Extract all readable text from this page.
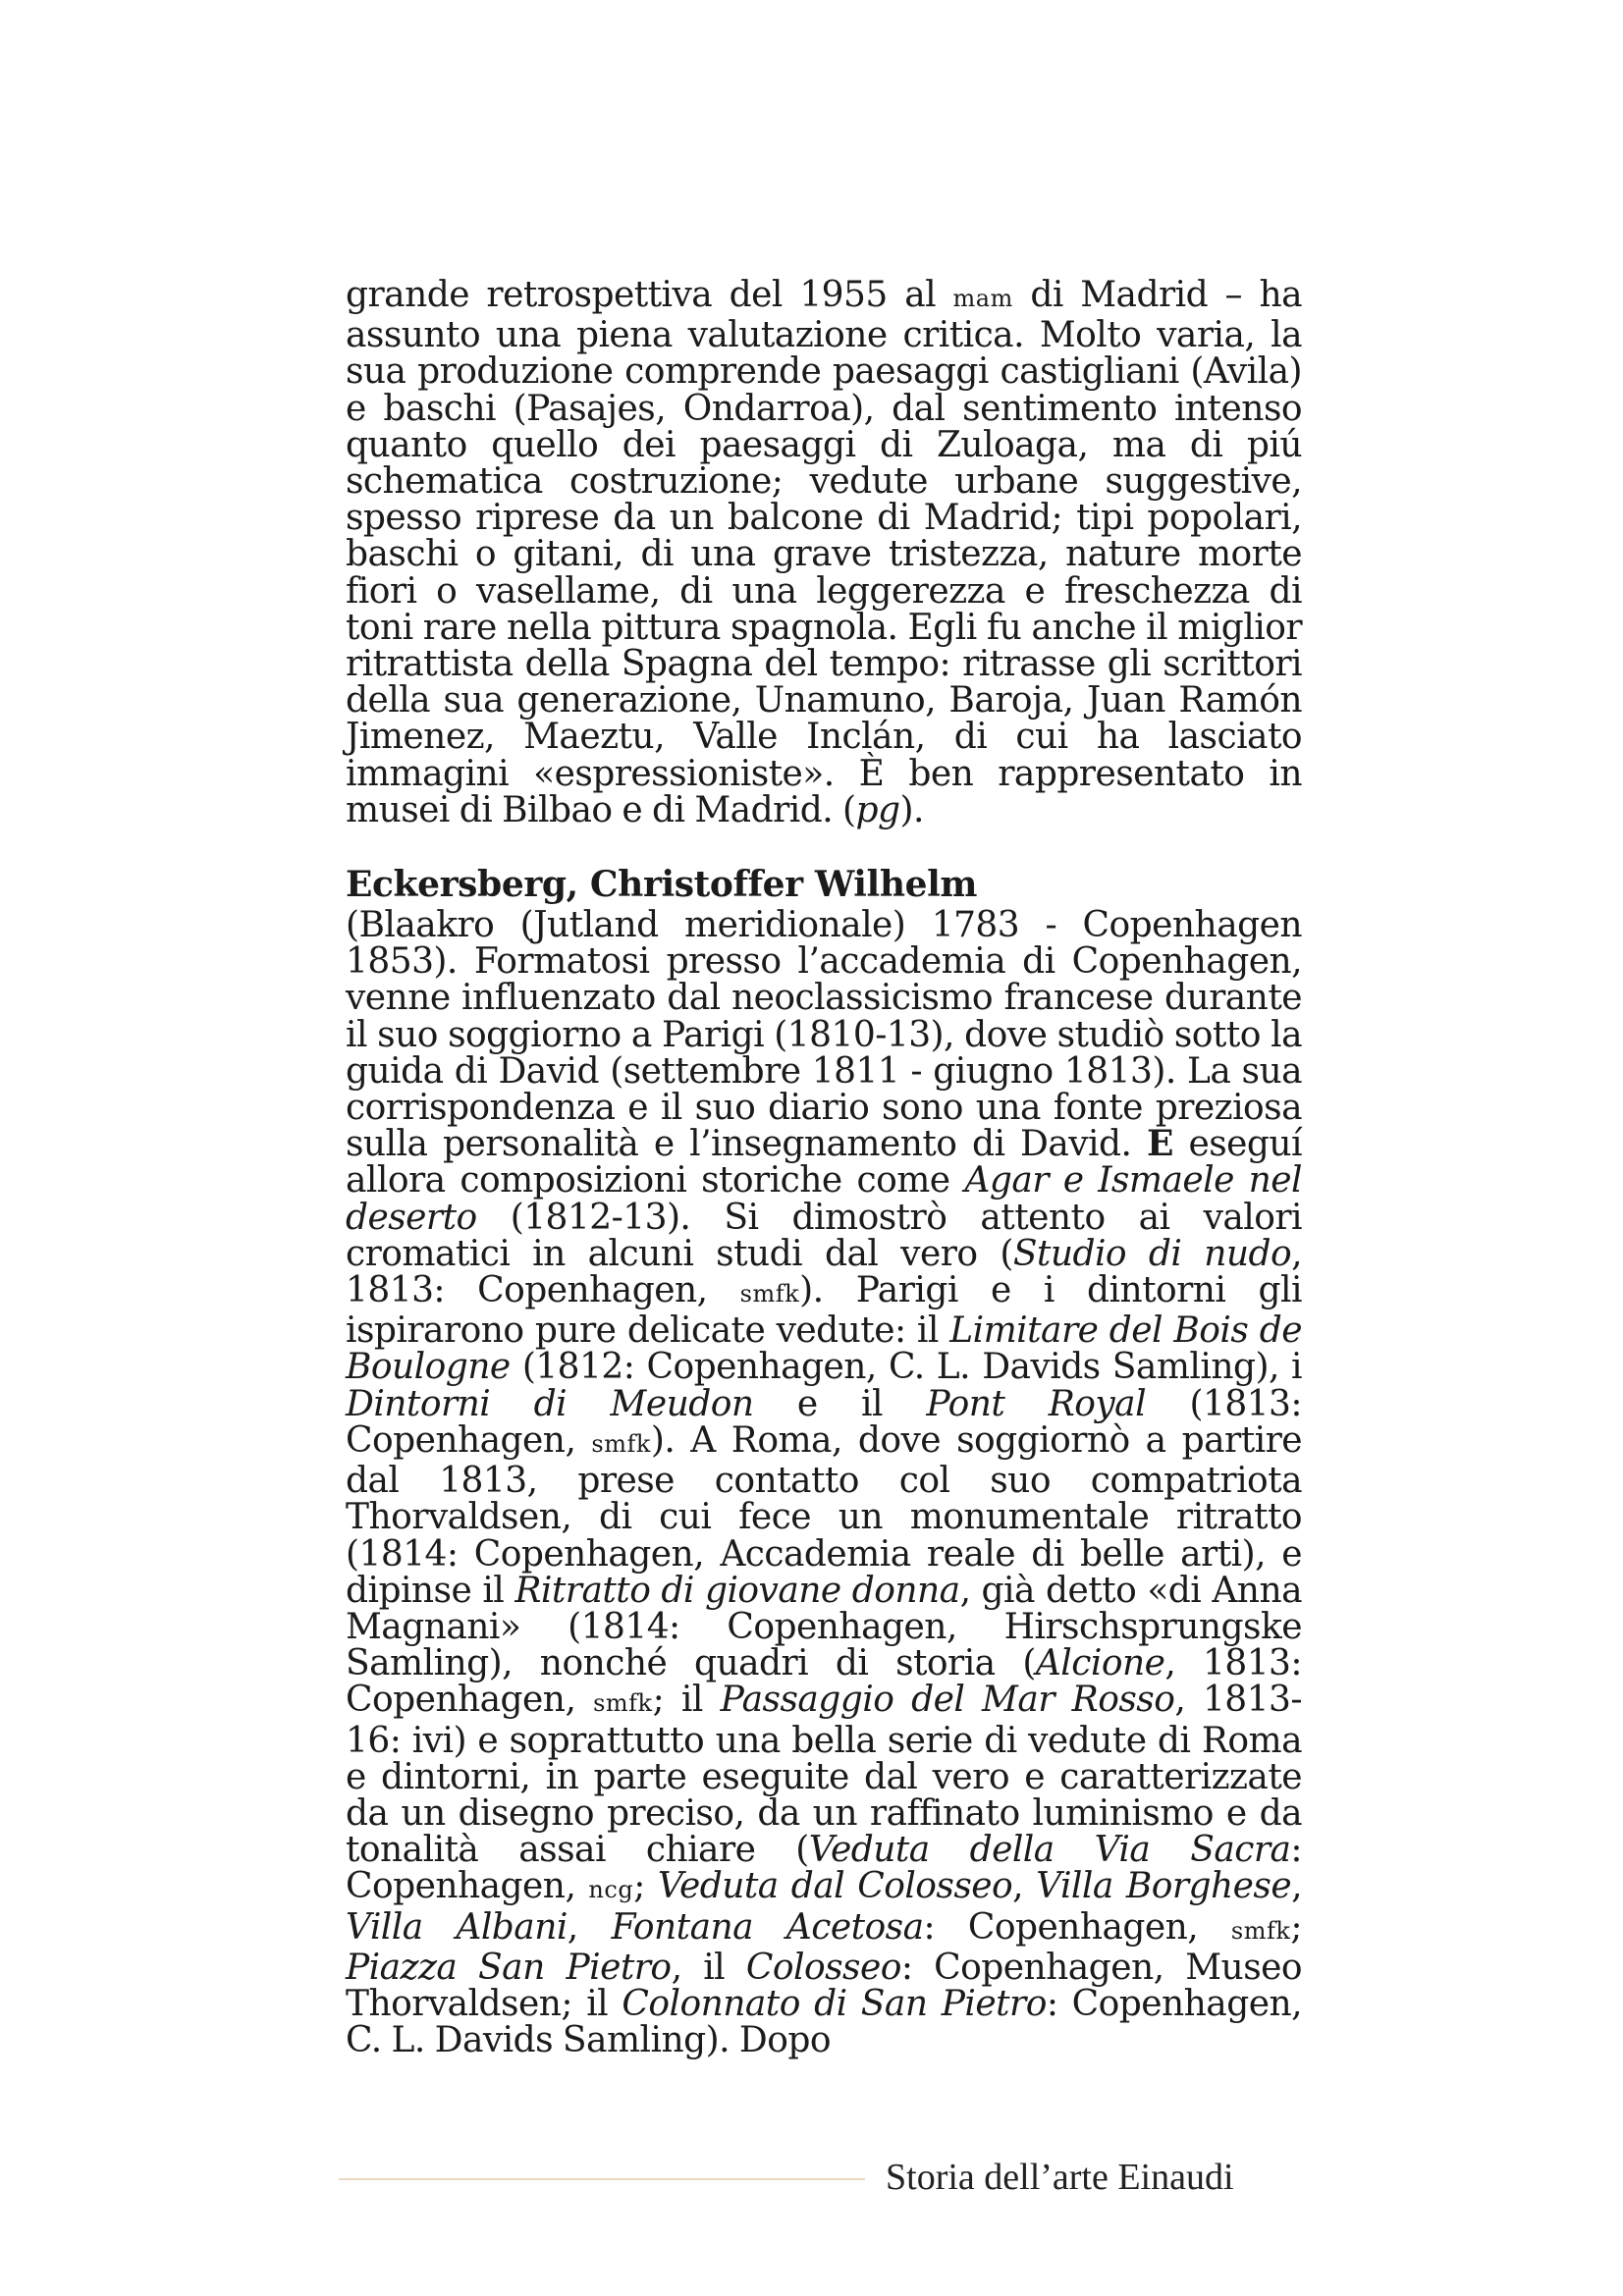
grande retrospettiva del 1955 al mam di Madrid – ha assunto una piena valutazione critica. Molto varia, la sua produzione comprende paesaggi castigliani (Avila) e baschi (Pasajes, Ondarroa), dal sentimento intenso quanto quello dei paesaggi di Zuloaga, ma di piú schematica costruzione; vedute urbane suggestive, spesso riprese da un balcone di Madrid; tipi popolari, baschi o gitani, di una grave tristezza, nature morte fiori o vasellame, di una leggerezza e freschezza di toni rare nella pittura spagnola. Egli fu anche il miglior ritrattista della Spagna del tempo: ritrasse gli scrittori della sua generazione, Unamuno, Baroja, Juan Ramón Jimenez, Maeztu, Valle Inclán, di cui ha lasciato immagini «espressioniste». È ben rappresentato in musei di Bilbao e di Madrid. (pg).

Eckersberg, Christoffer Wilhelm

(Blaakro (Jutland meridionale) 1783 - Copenhagen 1853). Formatosi presso l’accademia di Copenhagen, venne influenzato dal neoclassicismo francese durante il suo soggiorno a Parigi (1810-13), dove studiò sotto la guida di David (settembre 1811 - giugno 1813). La sua corrispondenza e il suo diario sono una fonte preziosa sulla personalità e l’insegnamento di David. E eseguí allora composizioni storiche come Agar e Ismaele nel deserto (1812-13). Si dimostrò attento ai valori cromatici in alcuni studi dal vero (Studio di nudo, 1813: Copenhagen, smfk). Parigi e i dintorni gli ispirarono pure delicate vedute: il Limitare del Bois de Boulogne (1812: Copenhagen, C. L. Davids Samling), i Dintorni di Meudon e il Pont Royal (1813: Copenhagen, smfk). A Roma, dove soggiornò a partire dal 1813, prese contatto col suo compatriota Thorvaldsen, di cui fece un monumentale ritratto (1814: Copenhagen, Accademia reale di belle arti), e dipinse il Ritratto di giovane donna, già detto «di Anna Magnani» (1814: Copenhagen, Hirschsprungske Samling), nonché quadri di storia (Alcione, 1813: Copenhagen, smfk; il Passaggio del Mar Rosso, 1813-16: ivi) e soprattutto una bella serie di vedute di Roma e dintorni, in parte eseguite dal vero e caratterizzate da un disegno preciso, da un raffinato luminismo e da tonalità assai chiare (Veduta della Via Sacra: Copenhagen, ncg; Veduta dal Colosseo, Villa Borghese, Villa Albani, Fontana Acetosa: Copenhagen, smfk; Piazza San Pietro, il Colosseo: Copenhagen, Museo Thorvaldsen; il Colonnato di San Pietro: Copenhagen, C. L. Davids Samling). Dopo

Storia dell’arte Einaudi
